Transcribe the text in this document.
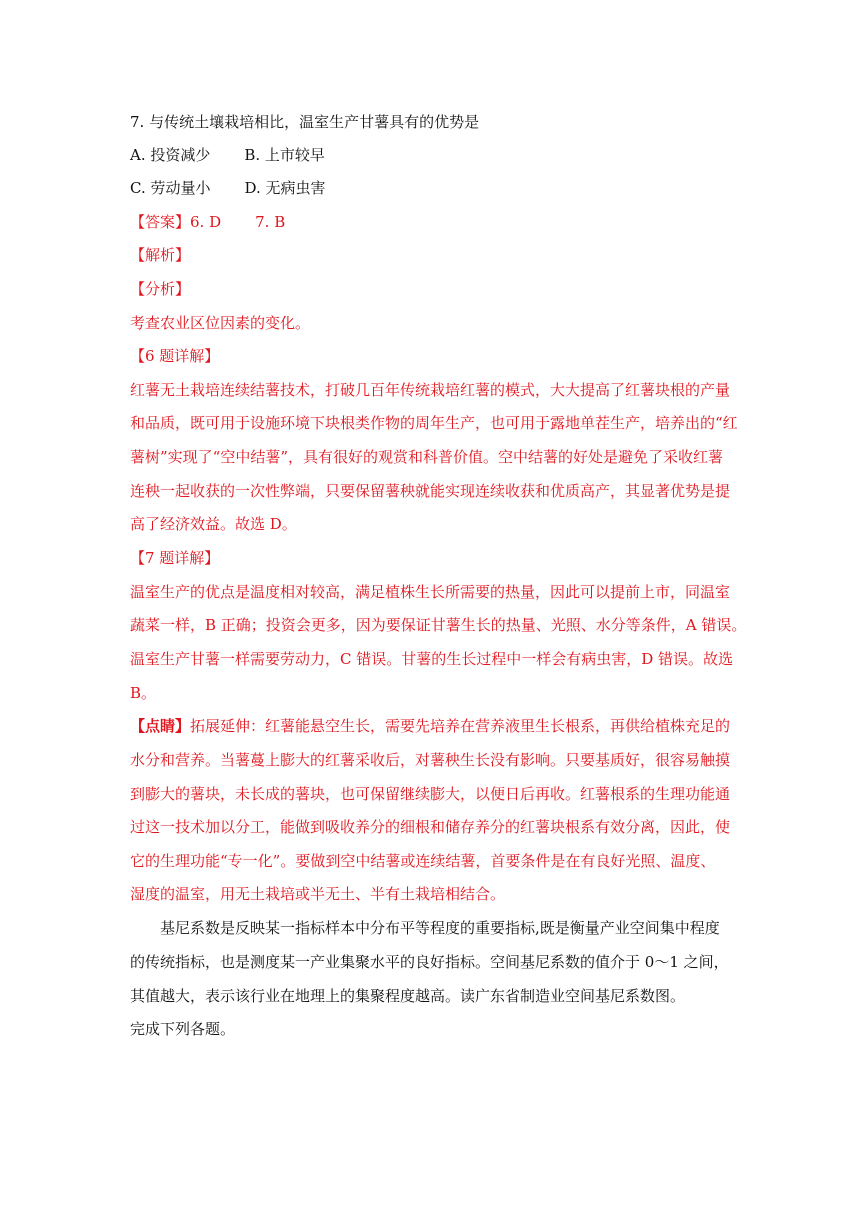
7. 与传统土壤栽培相比，温室生产甘薯具有的优势是
A. 投资减少 B. 上市较早
C. 劳动量小 D. 无病虫害
【答案】6. D 7. B
【解析】
【分析】
考查农业区位因素的变化。
【6 题详解】
红薯无土栽培连续结薯技术，打破几百年传统栽培红薯的模式，大大提高了红薯块根的产量
和品质，既可用于设施环境下块根类作物的周年生产，也可用于露地单茬生产，培养出的“红
薯树”实现了“空中结薯”，具有很好的观赏和科普价值。空中结薯的好处是避免了采收红薯
连秧一起收获的一次性弊端，只要保留薯秧就能实现连续收获和优质高产，其显著优势是提
高了经济效益。故选 D。
【7 题详解】
温室生产的优点是温度相对较高，满足植株生长所需要的热量，因此可以提前上市，同温室
蔬菜一样，B 正确；投资会更多，因为要保证甘薯生长的热量、光照、水分等条件，A 错误。
温室生产甘薯一样需要劳动力，C 错误。甘薯的生长过程中一样会有病虫害，D 错误。故选
B。
【点睛】拓展延伸：红薯能悬空生长，需要先培养在营养液里生长根系，再供给植株充足的
水分和营养。当薯蔓上膨大的红薯采收后，对薯秧生长没有影响。只要基质好，很容易触摸
到膨大的薯块，未长成的薯块，也可保留继续膨大，以便日后再收。红薯根系的生理功能通
过这一技术加以分工，能做到吸收养分的细根和储存养分的红薯块根系有效分离，因此，使
它的生理功能“专一化”。要做到空中结薯或连续结薯，首要条件是在有良好光照、温度、
湿度的温室，用无土栽培或半无土、半有土栽培相结合。
基尼系数是反映某一指标样本中分布平等程度的重要指标,既是衡量产业空间集中程度
的传统指标，也是测度某一产业集聚水平的良好指标。空间基尼系数的值介于 0～1 之间，
其值越大，表示该行业在地理上的集聚程度越高。读广东省制造业空间基尼系数图。
完成下列各题。
